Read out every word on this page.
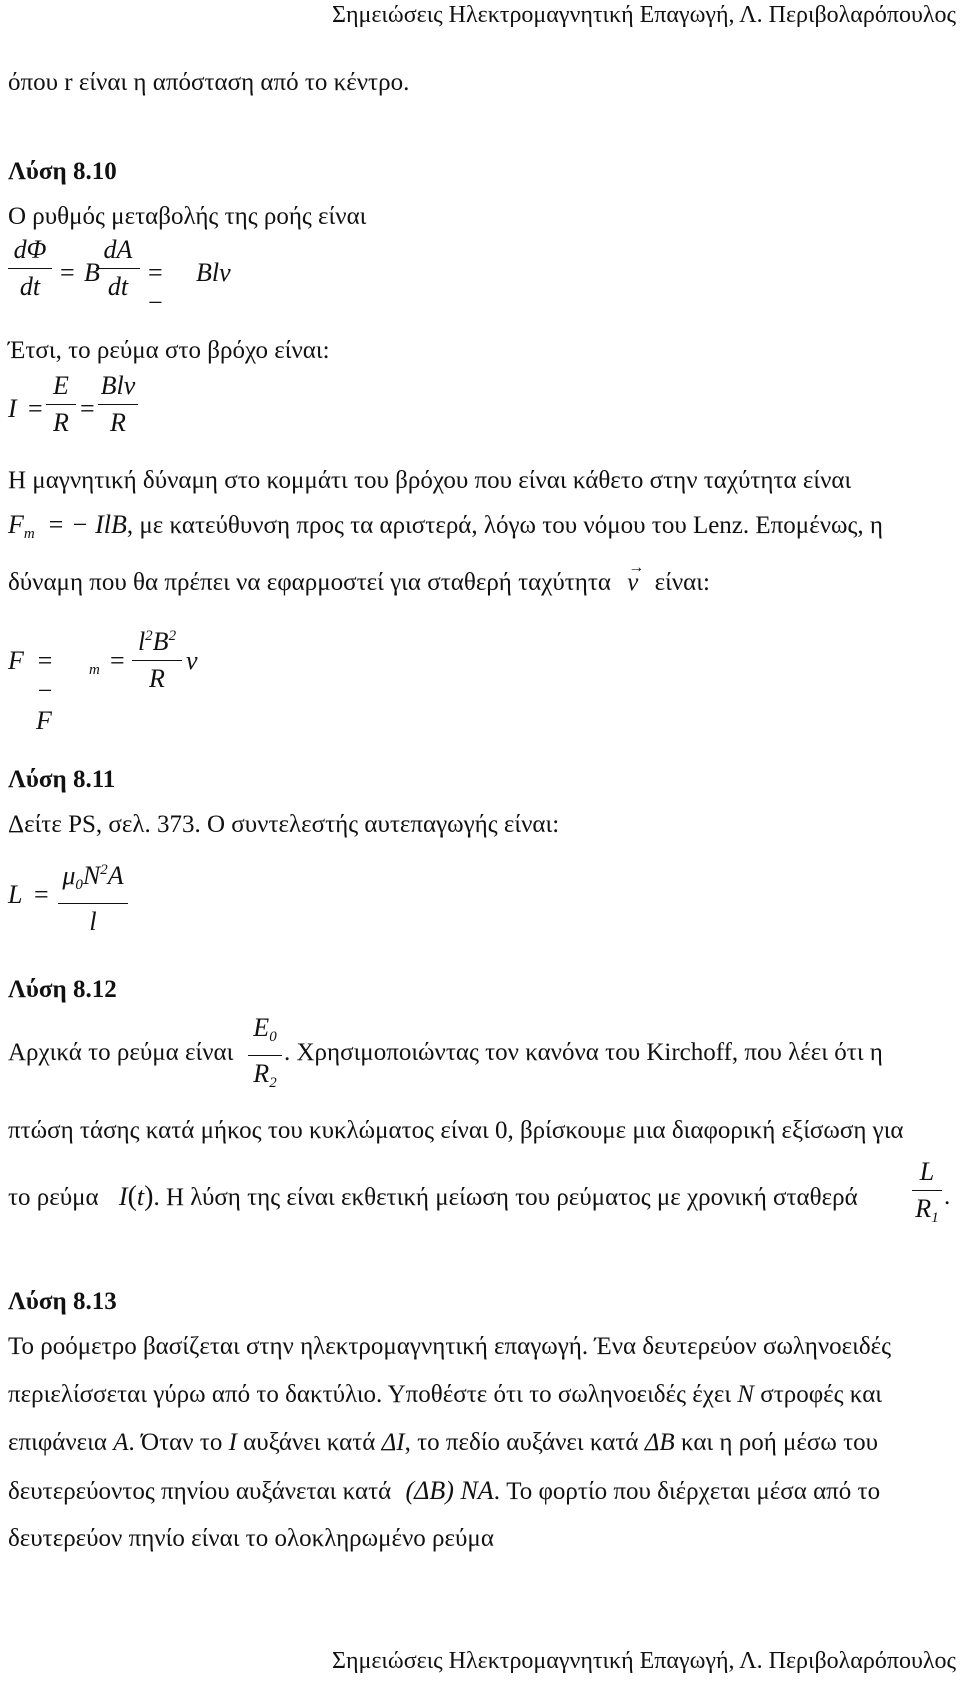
Σημειώσεις Ηλεκτρομαγνητική Επαγωγή, Λ. Περιβολαρόπουλος
όπου r είναι η απόσταση από το κέντρο.
Λύση 8.10
Ο ρυθμός μεταβολής της ροής είναι
dΦ
dt = B
dA
dt = −
Blv
Έτσι, το ρεύμα στο βρόχο είναι:
I =
E
R =
Blv
R
Η μαγνητική δύναμη στο κομμάτι του βρόχου που είναι κάθετο στην ταχύτητα είναι
$F_m$ = − IlB, με κατεύθυνση προς τα αριστερά, λόγω του νόμου του Lenz. Επομένως, η
δύναμη που θα πρέπει να εφαρμοστεί για σταθερή ταχύτητα
→
v είναι:
F = − F
m =
$l^2B^2$
R
v
Λύση 8.11
Δείτε PS, σελ. 373. Ο συντελεστής αυτεπαγωγής είναι:
L =
$\mu_0N^2A$
l
Λύση 8.12
Αρχικά το ρεύμα είναι
$E_0$
$R_2$
. Χρησιμοποιώντας τον κανόνα του Kirchoff, που λέει ότι η
πτώση τάσης κατά μήκος του κυκλώματος είναι 0, βρίσκουμε μια διαφορική εξίσωση για
το ρεύμα I(t). Η λύση της είναι εκθετική μείωση του ρεύματος με χρονική σταθερά
L
$R_1$
.
Λύση 8.13
Το ροόμετρο βασίζεται στην ηλεκτρομαγνητική επαγωγή. Ένα δευτερεύον σωληνοειδές
περιελίσσεται γύρω από το δακτύλιο. Υποθέστε ότι το σωληνοειδές έχει N στροφές και
επιφάνεια A. Όταν το I αυξάνει κατά ΔI, το πεδίο αυξάνει κατά ΔB και η ροή μέσω του
δευτερεύοντος πηνίου αυξάνεται κατά (ΔB) NA. Το φορτίο που διέρχεται μέσα από το
δευτερεύον πηνίο είναι το ολοκληρωμένο ρεύμα
Σημειώσεις Ηλεκτρομαγνητική Επαγωγή, Λ. Περιβολαρόπουλος
